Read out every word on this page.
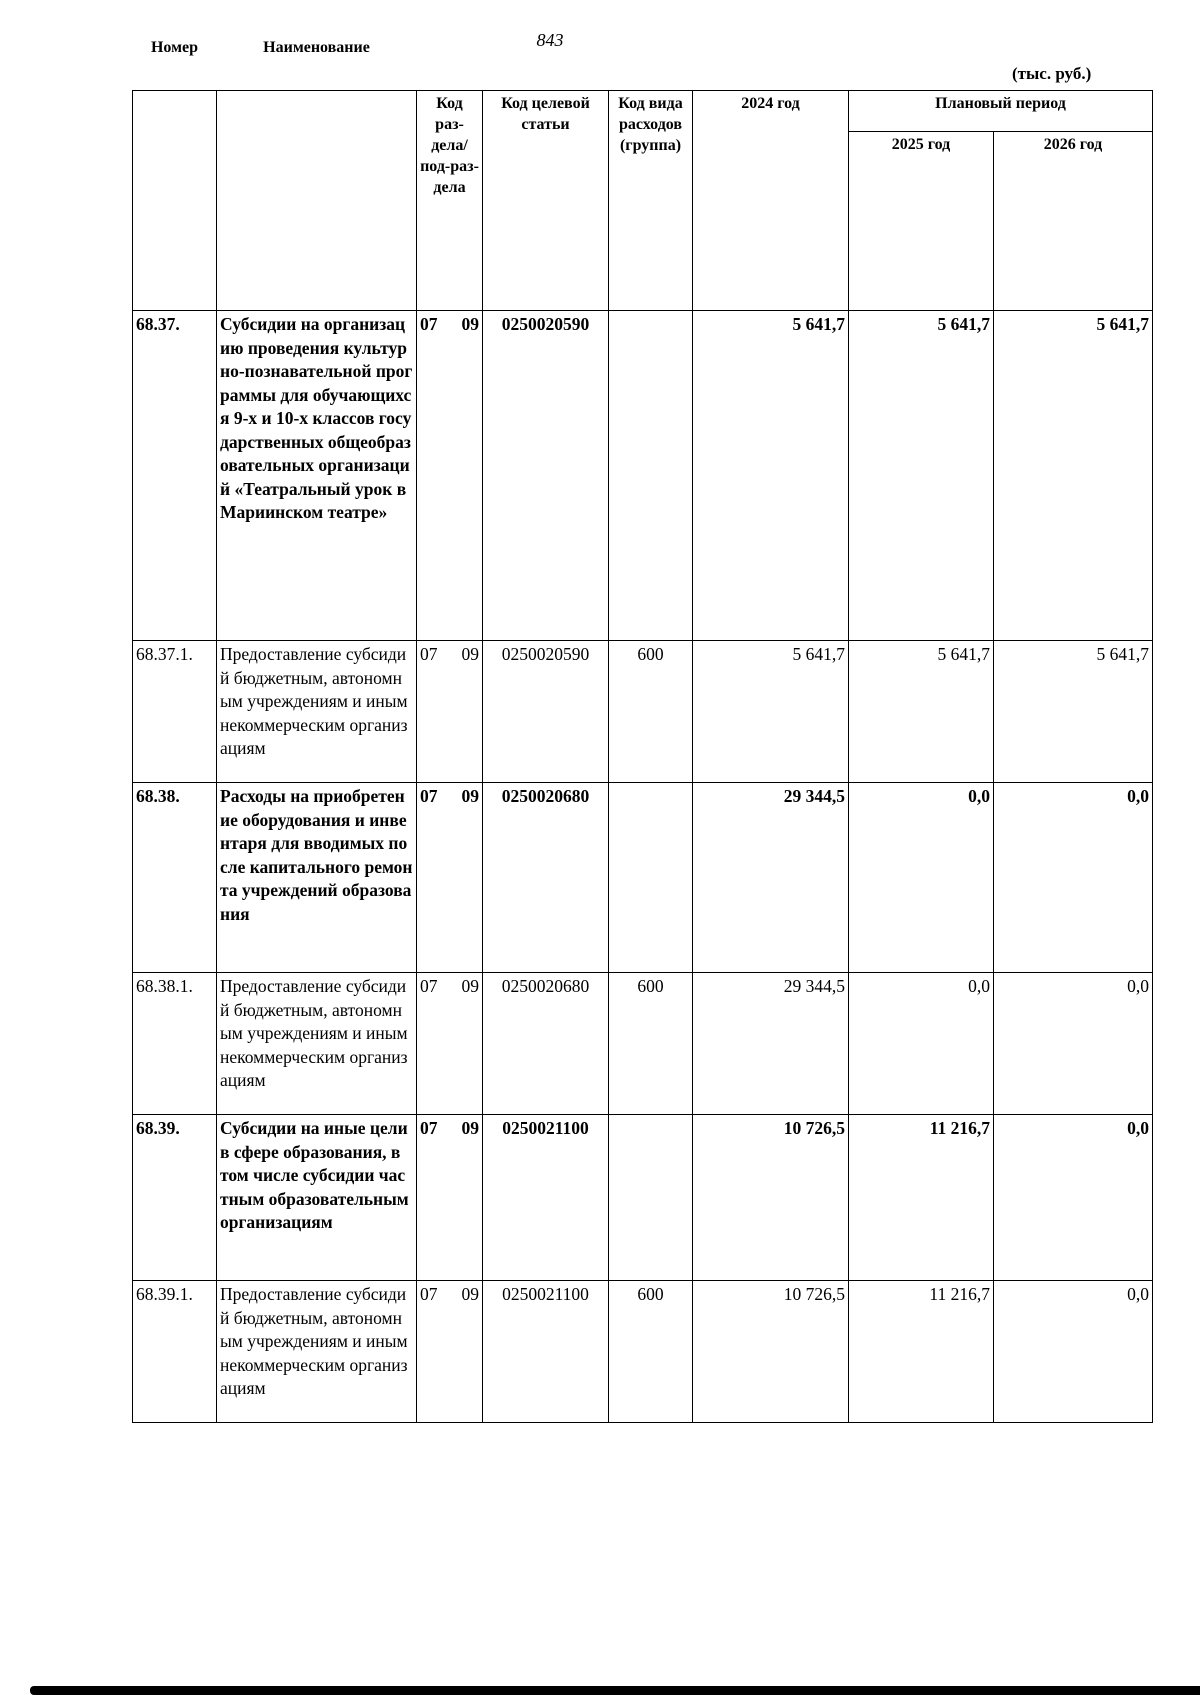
843
(тыс. руб.)
Номер	Наименование	Код раз-дела/ под-раз-дела	Код целевой статьи	Код вида расходов (группа)	2024 год	Плановый период	
						2025 год	2026 год
68.37.	Субсидии на организацию проведения культурно-познавательной программы для обучающихся 9-х и 10-х классов государственных общеобразовательных организаций «Театральный урок в Мариинском театре»	07 09	0250020590		5 641,7	5 641,7	5 641,7
68.37.1.	Предоставление субсидий бюджетным, автономным учреждениям и иным некоммерческим организациям	07 09	0250020590	600	5 641,7	5 641,7	5 641,7
68.38.	Расходы на приобретение оборудования и инвентаря для вводимых после капитального ремонта учреждений образования	07 09	0250020680		29 344,5	0,0	0,0
68.38.1.	Предоставление субсидий бюджетным, автономным учреждениям и иным некоммерческим организациям	07 09	0250020680	600	29 344,5	0,0	0,0
68.39.	Субсидии на иные цели в сфере образования, в том числе субсидии частным образовательным организациям	07 09	0250021100		10 726,5	11 216,7	0,0
68.39.1.	Предоставление субсидий бюджетным, автономным учреждениям и иным некоммерческим организациям	07 09	0250021100	600	10 726,5	11 216,7	0,0
